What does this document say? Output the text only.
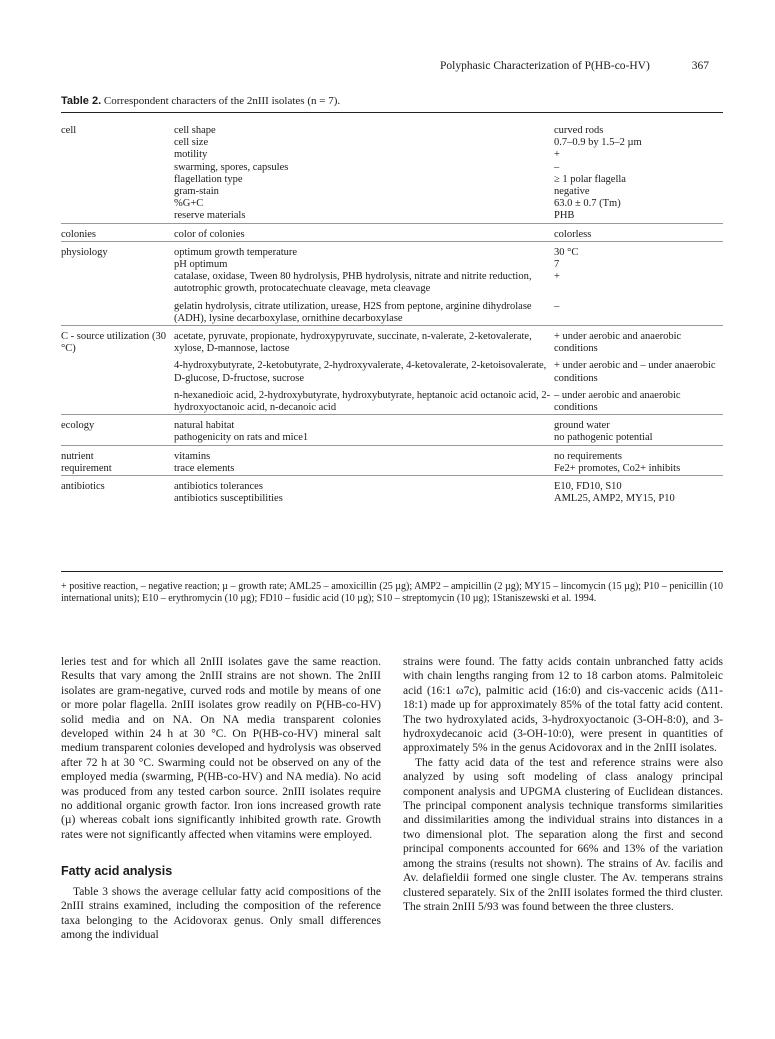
Polyphasic Characterization of P(HB-co-HV)	367
Table 2. Correspondent characters of the 2nIII isolates (n = 7).
cell	cell shape	curved rods
	cell size	0.7–0.9 by 1.5–2 µm
	motility	+
	swarming, spores, capsules	–
	flagellation type	≥ 1 polar flagella
	gram-stain	negative
	%G+C	63.0 ± 0.7 (Tm)
	reserve materials	PHB
colonies	color of colonies	colorless
physiology	optimum growth temperature	30 °C
	pH optimum	7
	catalase, oxidase, Tween 80 hydrolysis, PHB hydrolysis, nitrate and nitrite reduction, autotrophic growth, protocatechuate cleavage, meta cleavage	+
	gelatin hydrolysis, citrate utilization, urease, H2S from peptone, arginine dihydrolase (ADH), lysine decarboxylase, ornithine decarboxylase	–
C - source utilization (30 °C)	acetate, pyruvate, propionate, hydroxypyruvate, succinate, n-valerate, 2-ketovalerate, xylose, D-mannose, lactose	+ under aerobic and anaerobic conditions
	4-hydroxybutyrate, 2-ketobutyrate, 2-hydroxyvalerate, 4-ketovalerate, 2-ketoisovalerate, D-glucose, D-fructose, sucrose	+ under aerobic and – under anaerobic conditions
	n-hexanedioic acid, 2-hydroxybutyrate, hydroxybutyrate, heptanoic acid octanoic acid, 2-hydroxyoctanoic acid, n-decanoic acid	– under aerobic and anaerobic conditions
ecology	natural habitat	ground water
	pathogenicity on rats and mice1	no pathogenic potential
nutrient	vitamins	no requirements
requirement	trace elements	Fe2+ promotes, Co2+ inhibits
antibiotics	antibiotics tolerances	E10, FD10, S10
	antibiotics susceptibilities	AML25, AMP2, MY15, P10
+ positive reaction, – negative reaction; µ – growth rate; AML25 – amoxicillin (25 µg); AMP2 – ampicillin (2 µg); MY15 – lincomycin (15 µg); P10 – penicillin (10 international units); E10 – erythromycin (10 µg); FD10 – fusidic acid (10 µg); S10 – streptomycin (10 µg); 1Staniszewski et al. 1994.

leries test and for which all 2nIII isolates gave the same reaction. Results that vary among the 2nIII strains are not shown. The 2nIII isolates are gram-negative, curved rods and motile by means of one or more polar flagella. 2nIII isolates grow readily on P(HB-co-HV) solid media and on NA. On NA media transparent colonies developed within 24 h at 30 °C. On P(HB-co-HV) mineral salt medium transparent colonies developed and hydrolysis was observed after 72 h at 30 °C. Swarming could not be observed on any of the employed media (swarming, P(HB-co-HV) and NA media). No acid was produced from any tested carbon source. 2nIII isolates require no additional organic growth factor. Iron ions increased growth rate (µ) whereas cobalt ions significantly inhibited growth rate. Growth rates were not significantly affected when vitamins were employed.

Fatty acid analysis

Table 3 shows the average cellular fatty acid compositions of the 2nIII strains examined, including the composition of the reference taxa belonging to the Acidovorax genus. Only small differences among the individual

strains were found. The fatty acids contain unbranched fatty acids with chain lengths ranging from 12 to 18 carbon atoms. Palmitoleic acid (16:1 ω7c), palmitic acid (16:0) and cis-vaccenic acids (Δ11-18:1) made up for approximately 85% of the total fatty acid content. The two hydroxylated acids, 3-hydroxyoctanoic (3-OH-8:0), and 3-hydroxydecanoic acid (3-OH-10:0), were present in quantities of approximately 5% in the genus Acidovorax and in the 2nIII isolates.

The fatty acid data of the test and reference strains were also analyzed by using soft modeling of class analogy principal component analysis and UPGMA clustering of Euclidean distances. The principal component analysis technique transforms similarities and dissimilarities among the individual strains into distances in a two dimensional plot. The separation along the first and second principal components accounted for 66% and 13% of the variation among the strains (results not shown). The strains of Av. facilis and Av. delafieldii formed one single cluster. The Av. temperans strains clustered separately. Six of the 2nIII isolates formed the third cluster. The strain 2nIII 5/93 was found between the three clusters.
